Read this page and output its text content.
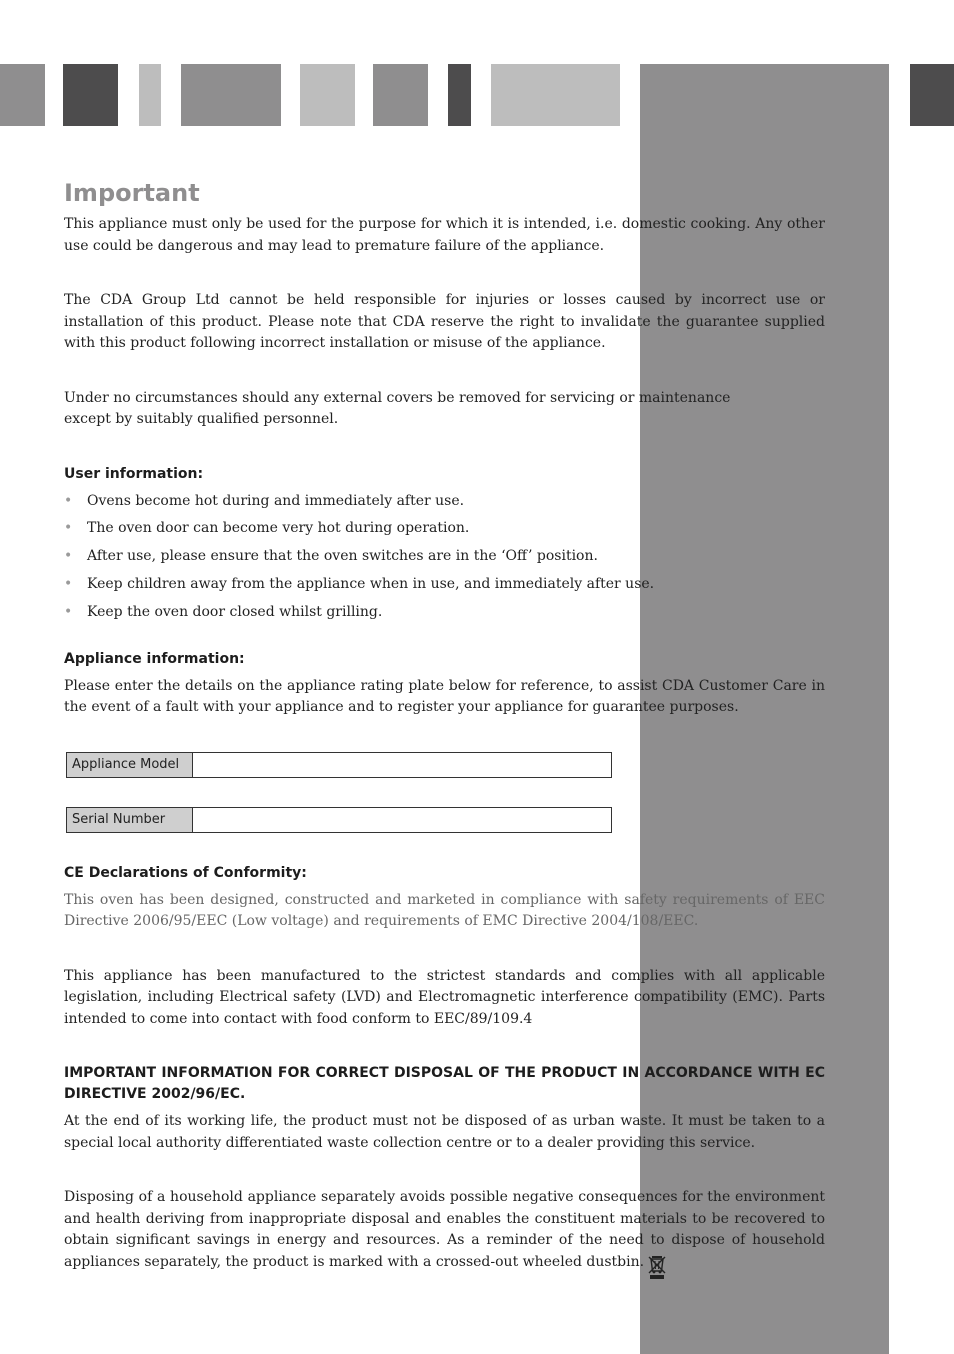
Important

This appliance must only be used for the purpose for which it is intended, i.e. domestic cooking. Any other use could be dangerous and may lead to premature failure of the appliance.

The CDA Group Ltd cannot be held responsible for injuries or losses caused by incorrect use or installation of this product. Please note that CDA reserve the right to invalidate the guarantee supplied with this product following incorrect installation or misuse of the appliance.

Under no circumstances should any external covers be removed for servicing or maintenance except by suitably qualified personnel.

User information:
• Ovens become hot during and immediately after use.
• The oven door can become very hot during operation.
• After use, please ensure that the oven switches are in the ‘Off’ position.
• Keep children away from the appliance when in use, and immediately after use.
• Keep the oven door closed whilst grilling.
Appliance information:

Please enter the details on the appliance rating plate below for reference, to assist CDA Customer Care in the event of a fault with your appliance and to register your appliance for guarantee purposes.

Appliance Model
Serial Number
CE Declarations of Conformity:

This oven has been designed, constructed and marketed in compliance with safety requirements of EEC Directive 2006/95/EEC (Low voltage) and requirements of EMC Directive 2004/108/EEC.

This appliance has been manufactured to the strictest standards and complies with all applicable legislation, including Electrical safety (LVD) and Electromagnetic interference compatibility (EMC). Parts intended to come into contact with food conform to EEC/89/109.4

IMPORTANT INFORMATION FOR CORRECT DISPOSAL OF THE PRODUCT IN ACCORDANCE WITH EC DIRECTIVE 2002/96/EC.

At the end of its working life, the product must not be disposed of as urban waste. It must be taken to a special local authority differentiated waste collection centre or to a dealer providing this service.

Disposing of a household appliance separately avoids possible negative consequences for the environment and health deriving from inappropriate disposal and enables the constituent materials to be recovered to obtain significant savings in energy and resources. As a reminder of the need to dispose of household appliances separately, the product is marked with a crossed-out wheeled dustbin.
